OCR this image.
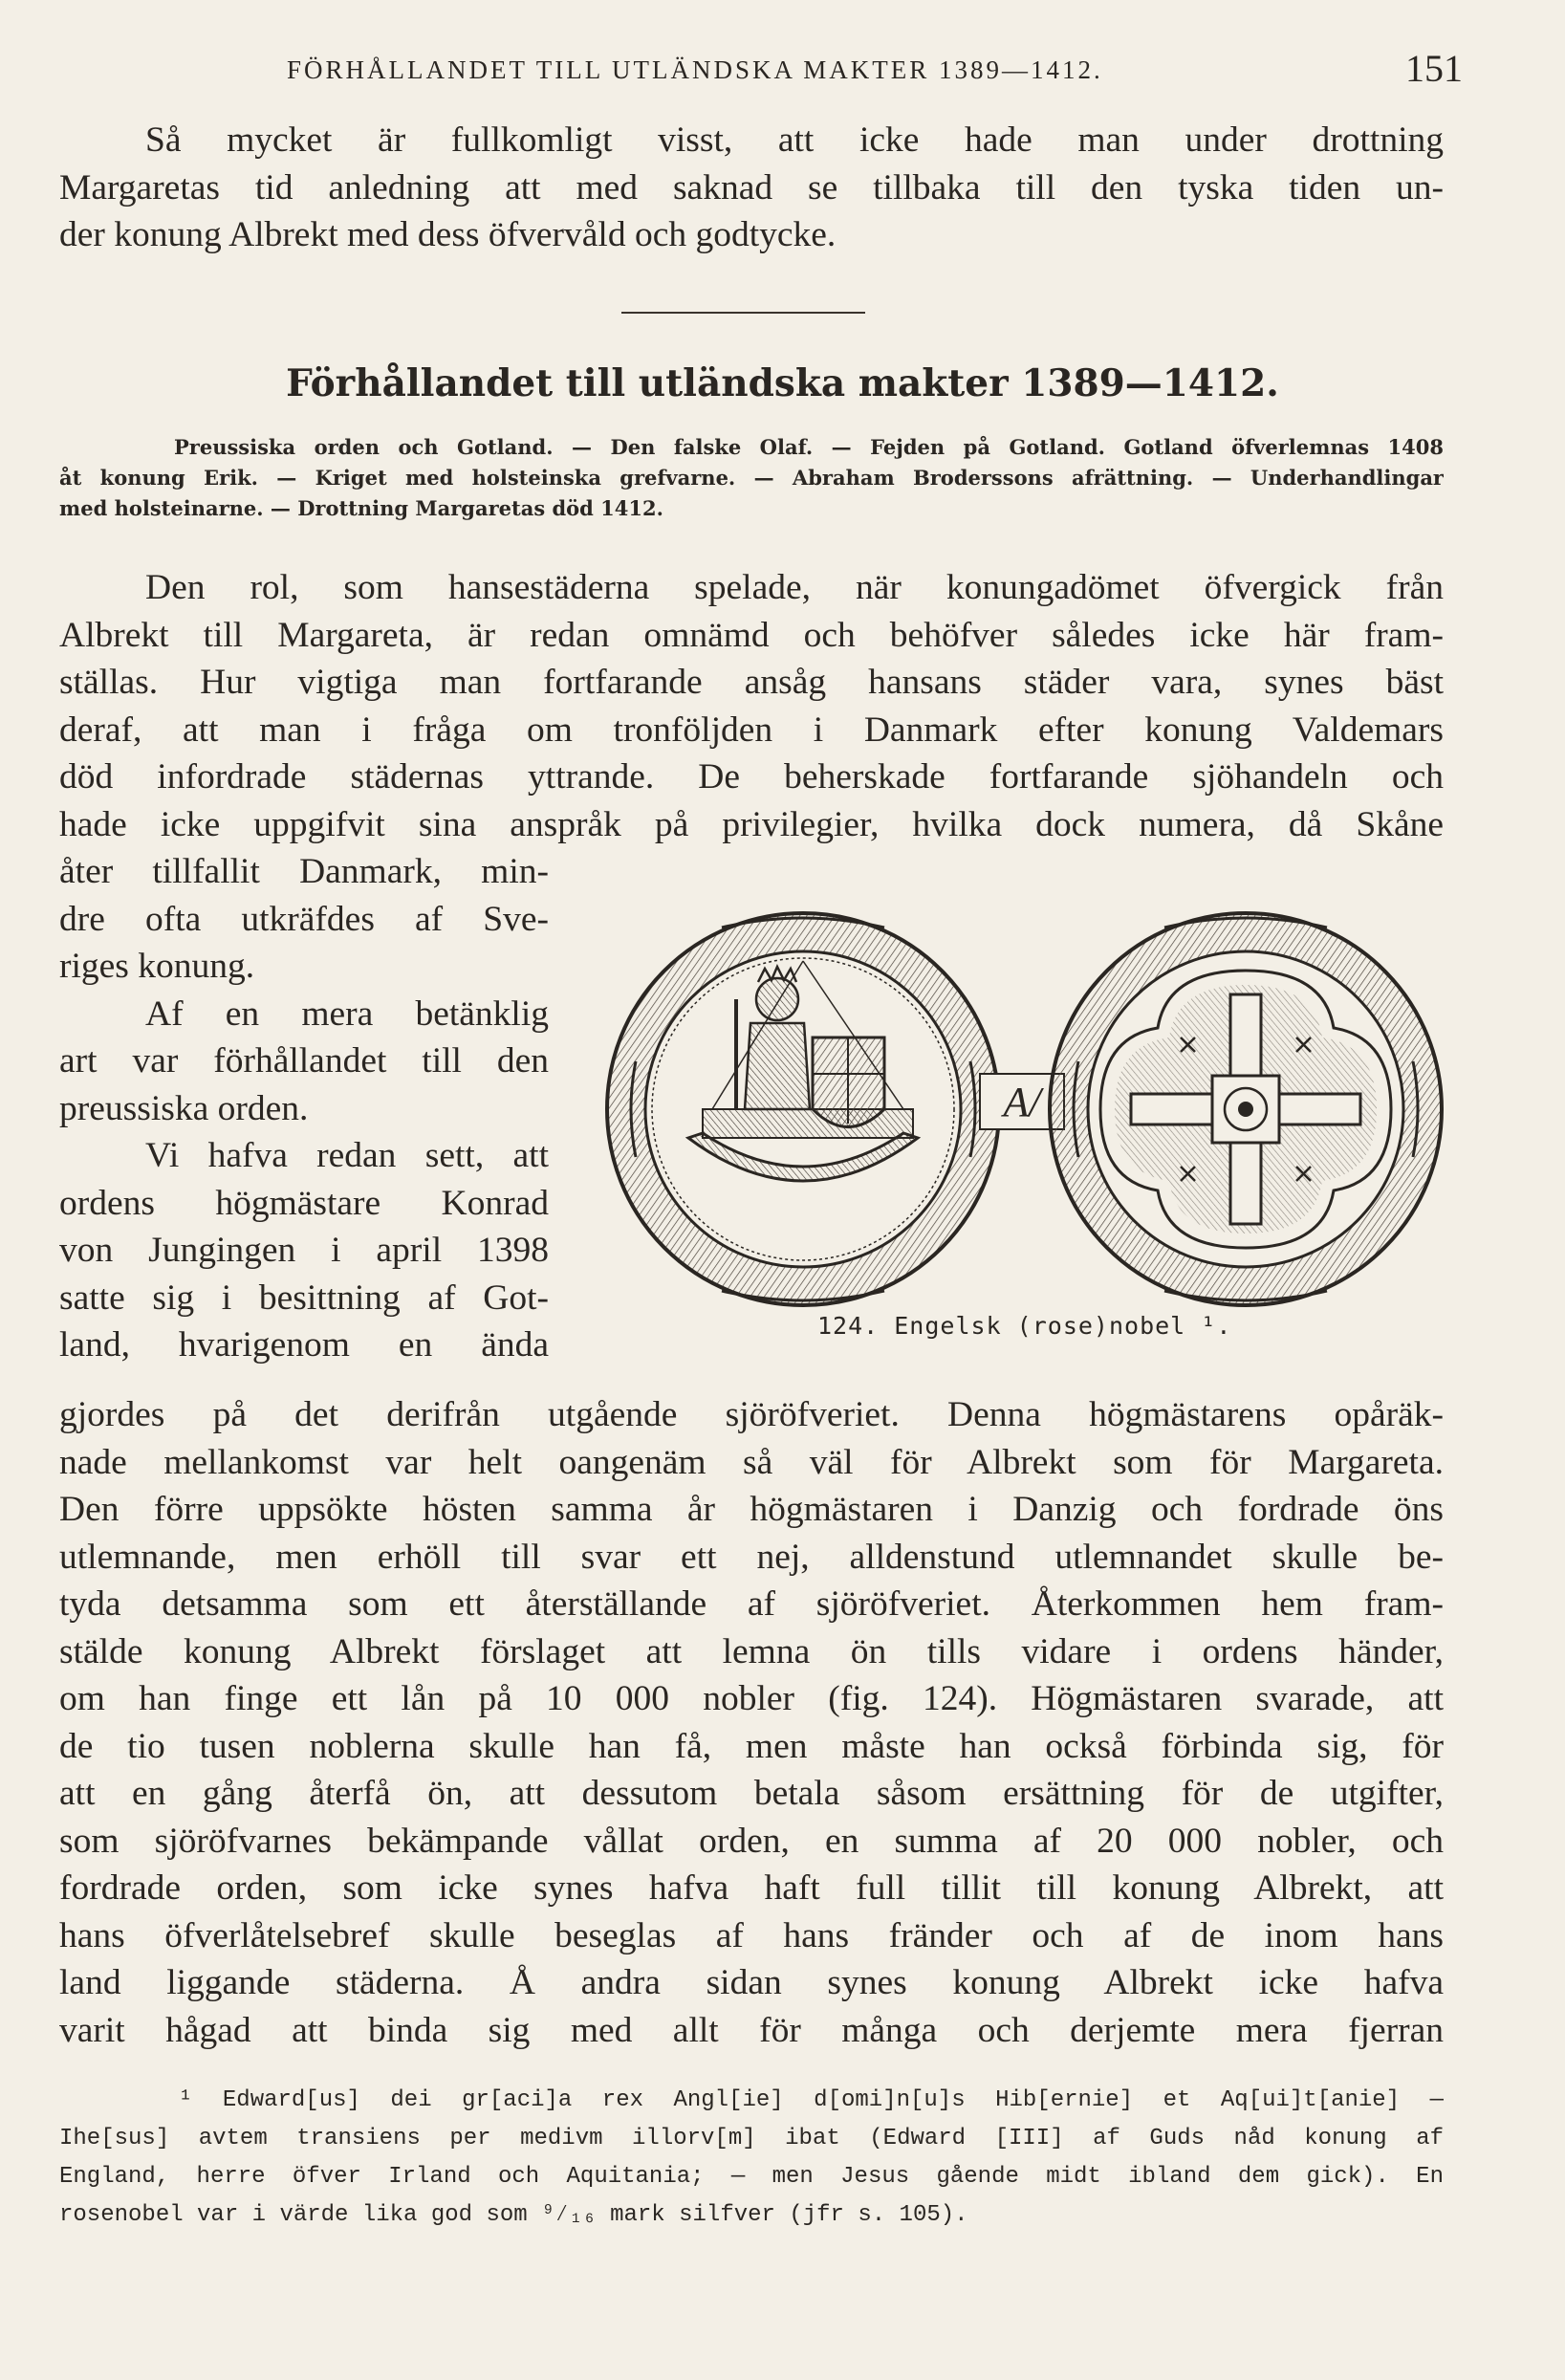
FÖRHÅLLANDET TILL UTLÄNDSKA MAKTER 1389—1412.	151
Så mycket är fullkomligt visst, att icke hade man under drottning
Margaretas tid anledning att med saknad se tillbaka till den tyska tiden un-
der konung Albrekt med dess öfvervåld och godtycke.
Förhållandet till utländska makter 1389—1412.
Preussiska orden och Gotland. — Den falske Olaf. — Fejden på Gotland. Gotland öfverlemnas 1408
åt konung Erik. — Kriget med holsteinska grefvarne. — Abraham Broderssons afrättning. — Underhandlingar
med holsteinarne. — Drottning Margaretas död 1412.
Den rol, som hansestäderna spelade, när konungadömet öfvergick från
Albrekt till Margareta, är redan omnämd och behöfver således icke här fram-
ställas. Hur vigtiga man fortfarande ansåg hansans städer vara, synes bäst
deraf, att man i fråga om tronföljden i Danmark efter konung Valdemars
död infordrade städernas yttrande. De beherskade fortfarande sjöhandeln och
hade icke uppgifvit sina anspråk på privilegier, hvilka dock numera, då Skåne
åter tillfallit Danmark, min-
dre ofta utkräfdes af Sve-
riges konung.
Af en mera betänklig
art var förhållandet till den
preussiska orden.
Vi hafva redan sett, att
ordens högmästare Konrad
von Jungingen i april 1398
satte sig i besittning af Got-
land, hvarigenom en ända
A/
124. Engelsk (rose)nobel ¹.
gjordes på det derifrån utgående sjöröfveriet. Denna högmästarens opåräk-
nade mellankomst var helt oangenäm så väl för Albrekt som för Margareta.
Den förre uppsökte hösten samma år högmästaren i Danzig och fordrade öns
utlemnande, men erhöll till svar ett nej, alldenstund utlemnandet skulle be-
tyda detsamma som ett återställande af sjöröfveriet. Återkommen hem fram-
stälde konung Albrekt förslaget att lemna ön tills vidare i ordens händer,
om han finge ett lån på 10 000 nobler (fig. 124). Högmästaren svarade, att
de tio tusen noblerna skulle han få, men måste han också förbinda sig, för
att en gång återfå ön, att dessutom betala såsom ersättning för de utgifter,
som sjöröfvarnes bekämpande vållat orden, en summa af 20 000 nobler, och
fordrade orden, som icke synes hafva haft full tillit till konung Albrekt, att
hans öfverlåtelsebref skulle beseglas af hans fränder och af de inom hans
land liggande städerna. Å andra sidan synes konung Albrekt icke hafva
varit hågad att binda sig med allt för många och derjemte mera fjerran
¹ Edward[us] dei gr[aci]a rex Angl[ie] d[omi]n[u]s Hib[ernie] et Aq[ui]t[anie] —
Ihe[sus] avtem transiens per medivm illorv[m] ibat (Edward [III] af Guds nåd konung af
England, herre öfver Irland och Aquitania; — men Jesus gående midt ibland dem gick). En
rosenobel var i värde lika god som ⁹⁄₁₆ mark silfver (jfr s. 105).
